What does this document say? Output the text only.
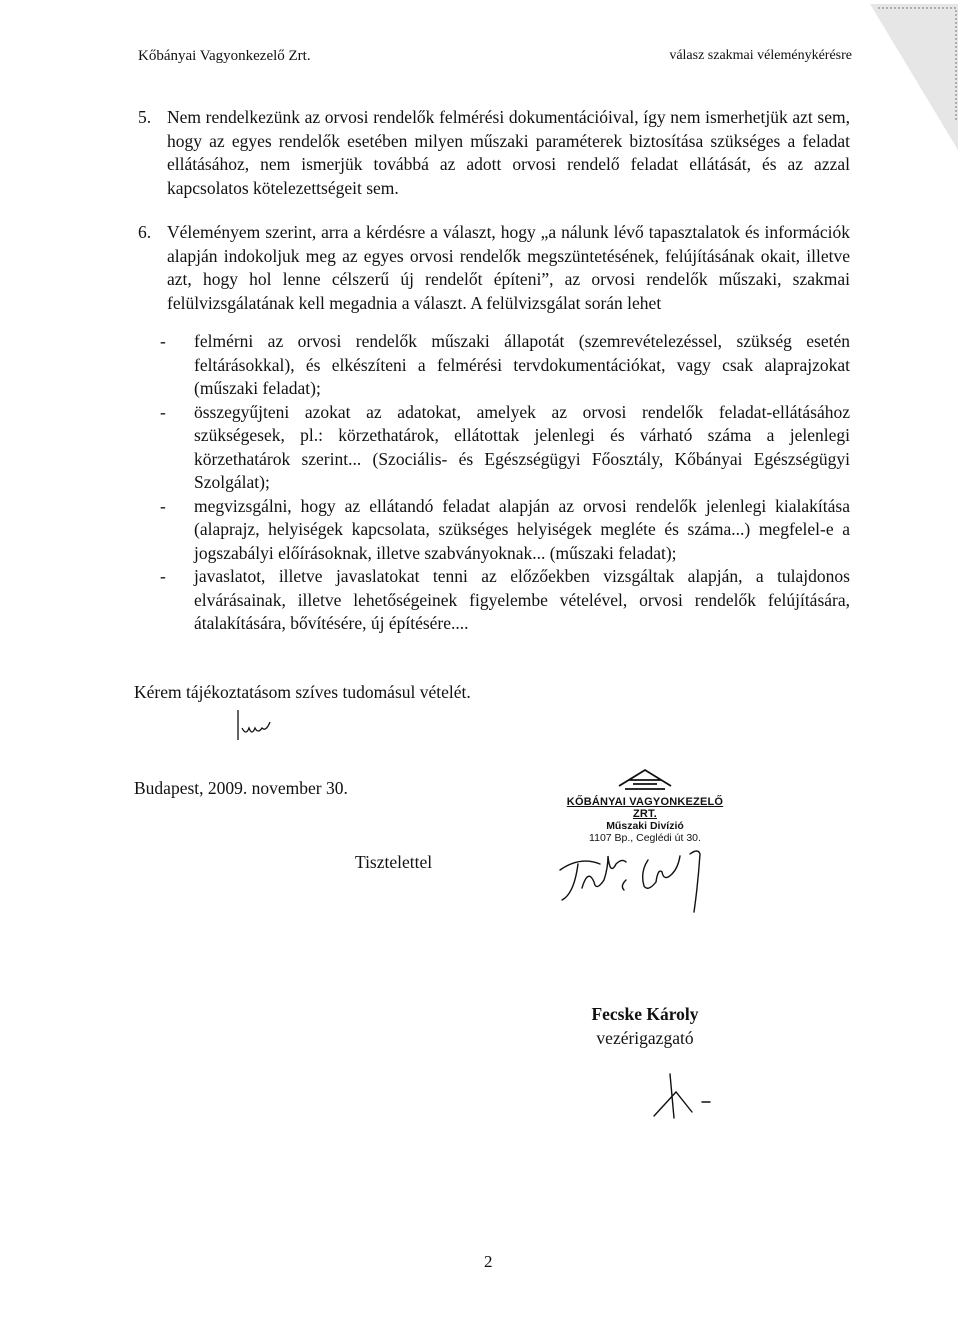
Kőbányai Vagyonkezelő Zrt.	válasz szakmai véleménykérésre
5. Nem rendelkezünk az orvosi rendelők felmérési dokumentációival, így nem ismerhetjük azt sem, hogy az egyes rendelők esetében milyen műszaki paraméterek biztosítása szükséges a feladat ellátásához, nem ismerjük továbbá az adott orvosi rendelő feladat ellátását, és az azzal kapcsolatos kötelezettségeit sem.
6. Véleményem szerint, arra a kérdésre a választ, hogy „a nálunk lévő tapasztalatok és információk alapján indokoljuk meg az egyes orvosi rendelők megszüntetésének, felújításának okait, illetve azt, hogy hol lenne célszerű új rendelőt építeni”, az orvosi rendelők műszaki, szakmai felülvizsgálatának kell megadnia a választ. A felülvizsgálat során lehet
- felmérni az orvosi rendelők műszaki állapotát (szemrevételezéssel, szükség esetén feltárásokkal), és elkészíteni a felmérési tervdokumentációkat, vagy csak alaprajzokat (műszaki feladat);
- összegyűjteni azokat az adatokat, amelyek az orvosi rendelők feladat-ellátásához szükségesek, pl.: körzethatárok, ellátottak jelenlegi és várható száma a jelenlegi körzethatárok szerint... (Szociális- és Egészségügyi Főosztály, Kőbányai Egészségügyi Szolgálat);
- megvizsgálni, hogy az ellátandó feladat alapján az orvosi rendelők jelenlegi kialakítása (alaprajz, helyiségek kapcsolata, szükséges helyiségek megléte és száma...) megfelel-e a jogszabályi előírásoknak, illetve szabványoknak... (műszaki feladat);
- javaslatot, illetve javaslatokat tenni az előzőekben vizsgáltak alapján, a tulajdonos elvárásainak, illetve lehetőségeinek figyelembe vételével, orvosi rendelők felújítására, átalakítására, bővítésére, új építésére....
Kérem tájékoztatásom szíves tudomásul vételét.
Budapest, 2009. november 30.
Tisztelettel
KŐBÁNYAI VAGYONKEZELŐ ZRT.
Műszaki Divízió
1107 Bp., Ceglédi út 30.
Fecske Károly
vezérigazgató
2
